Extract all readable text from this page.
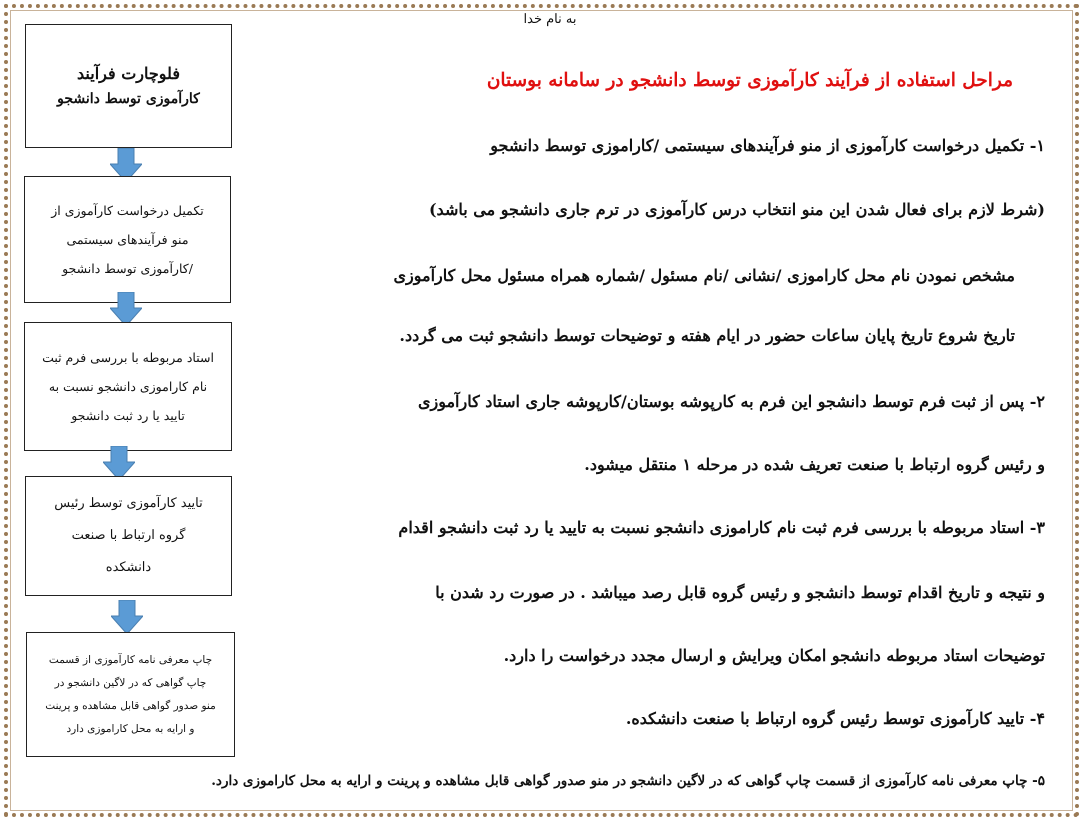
به نام خدا
فلوچارت فرآیند
کارآموزی توسط دانشجو
تکمیل درخواست کارآموزی از
منو فرآیندهای سیستمی
/کارآموزی توسط دانشجو
استاد مربوطه با بررسی فرم ثبت
نام کاراموزی دانشجو نسبت به
تایید یا رد ثبت دانشجو
تایید کارآموزی توسط رئیس
گروه ارتباط با صنعت
دانشکده
چاپ معرفی نامه کارآموزی از قسمت
چاپ گواهی که در لاگین دانشجو در
منو صدور گواهی قابل مشاهده و پرینت
و ارایه به محل کاراموزی دارد
مراحل استفاده از فرآیند کارآموزی توسط دانشجو در سامانه بوستان
۱- تکمیل درخواست کارآموزی از منو فرآیندهای سیستمی /کاراموزی توسط دانشجو
(شرط لازم برای فعال شدن این منو انتخاب درس کارآموزی در ترم جاری دانشجو می باشد)
مشخص نمودن نام محل کاراموزی /نشانی /نام مسئول /شماره همراه مسئول محل کارآموزی
تاریخ شروع تاریخ پایان ساعات حضور در ایام هفته و توضیحات توسط دانشجو ثبت می گردد.
۲- پس از ثبت فرم توسط دانشجو این فرم به کارپوشه بوستان/کارپوشه جاری استاد کارآموزی
و رئیس گروه ارتباط با صنعت تعریف شده در مرحله ۱ منتقل میشود.
۳- استاد مربوطه با بررسی فرم ثبت نام کاراموزی دانشجو نسبت به تایید یا رد ثبت دانشجو اقدام
و نتیجه و تاریخ اقدام توسط دانشجو و رئیس گروه قابل رصد میباشد . در صورت رد شدن با
توضیحات استاد مربوطه دانشجو امکان ویرایش و ارسال مجدد درخواست را دارد.
۴- تایید کارآموزی توسط رئیس گروه ارتباط با صنعت دانشکده.
۵- چاپ معرفی نامه کارآموزی از قسمت چاپ گواهی که در لاگین دانشجو در منو صدور گواهی قابل مشاهده و پرینت و ارایه به محل کاراموزی دارد.
